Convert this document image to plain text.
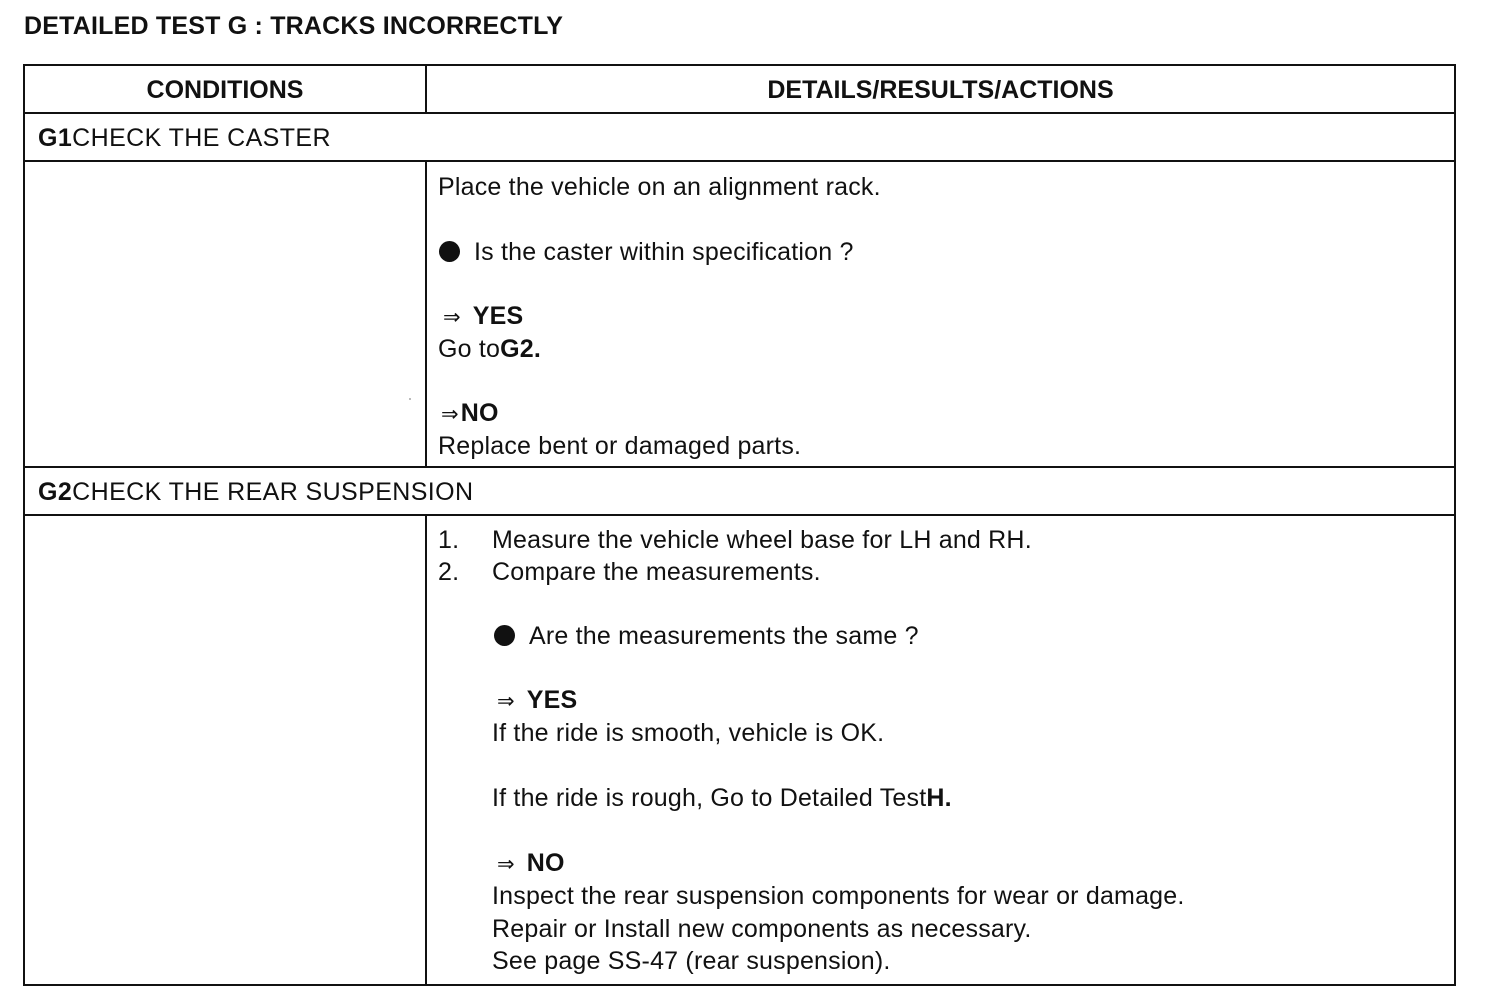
DETAILED TEST G : TRACKS INCORRECTLY
CONDITIONS	DETAILS/RESULTS/ACTIONS
G1CHECK THE CASTER
Place the vehicle on an alignment rack.
Is the caster within specification ?
⇒ YES
Go toG2.
⇒NO
Replace bent or damaged parts.
G2CHECK THE REAR SUSPENSION
1. Measure the vehicle wheel base for LH and RH.
2. Compare the measurements.
Are the measurements the same ?
⇒ YES
If the ride is smooth, vehicle is OK.
If the ride is rough, Go to Detailed TestH.
⇒ NO
Inspect the rear suspension components for wear or damage.
Repair or Install new components as necessary.
See page SS-47 (rear suspension).
